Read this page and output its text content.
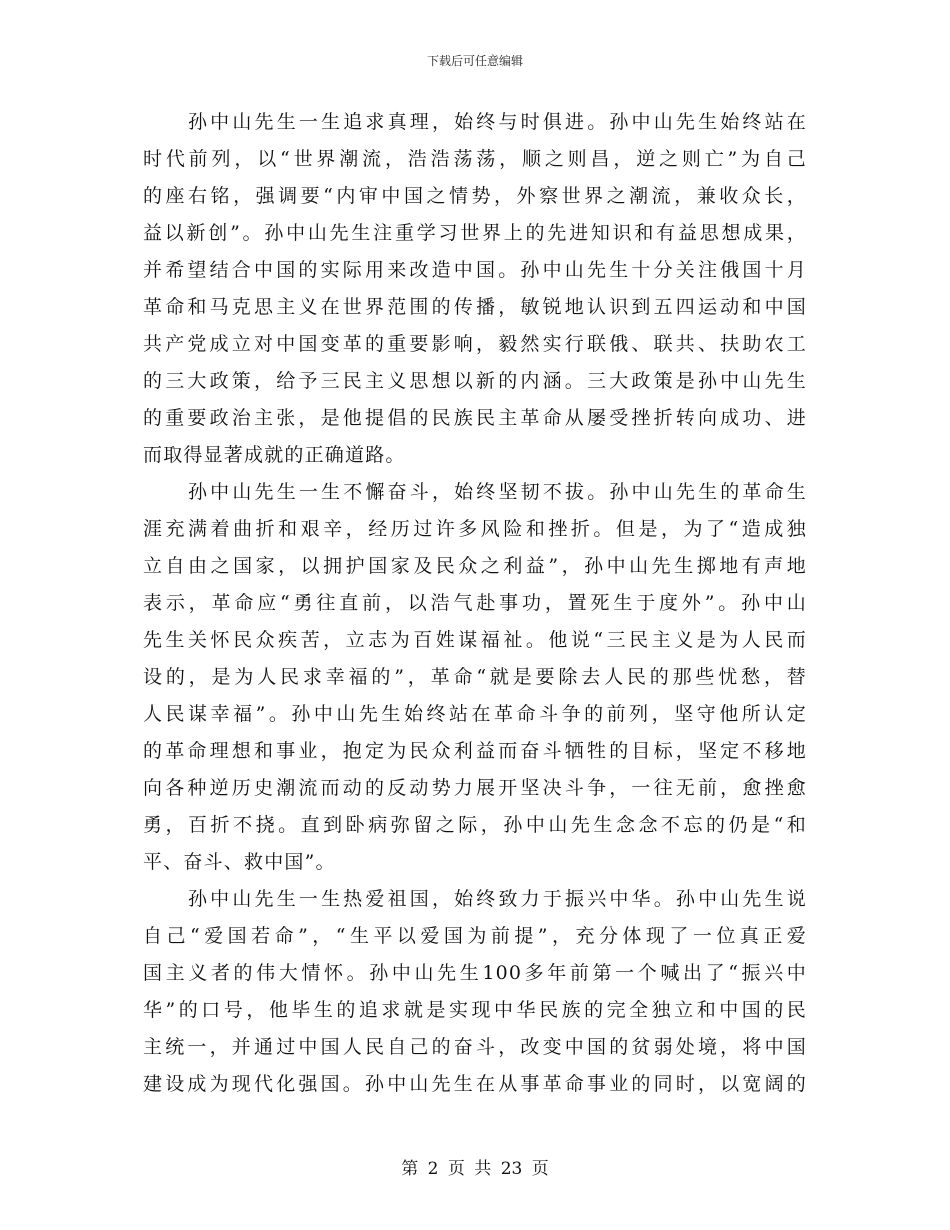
下载后可任意编辑
孙中山先生一生追求真理，始终与时俱进。孙中山先生始终站在
时代前列，以“世界潮流，浩浩荡荡，顺之则昌，逆之则亡”为自己
的座右铭，强调要“内审中国之情势，外察世界之潮流，兼收众长，
益以新创”。孙中山先生注重学习世界上的先进知识和有益思想成果，
并希望结合中国的实际用来改造中国。孙中山先生十分关注俄国十月
革命和马克思主义在世界范围的传播，敏锐地认识到五四运动和中国
共产党成立对中国变革的重要影响，毅然实行联俄、联共、扶助农工
的三大政策，给予三民主义思想以新的内涵。三大政策是孙中山先生
的重要政治主张，是他提倡的民族民主革命从屡受挫折转向成功、进
而取得显著成就的正确道路。
孙中山先生一生不懈奋斗，始终坚韧不拔。孙中山先生的革命生
涯充满着曲折和艰辛，经历过许多风险和挫折。但是，为了“造成独
立自由之国家，以拥护国家及民众之利益”，孙中山先生掷地有声地
表示，革命应“勇往直前，以浩气赴事功，置死生于度外”。孙中山
先生关怀民众疾苦，立志为百姓谋福祉。他说“三民主义是为人民而
设的，是为人民求幸福的”，革命“就是要除去人民的那些忧愁，替
人民谋幸福”。孙中山先生始终站在革命斗争的前列，坚守他所认定
的革命理想和事业，抱定为民众利益而奋斗牺牲的目标，坚定不移地
向各种逆历史潮流而动的反动势力展开坚决斗争，一往无前，愈挫愈
勇，百折不挠。直到卧病弥留之际，孙中山先生念念不忘的仍是“和
平、奋斗、救中国”。
孙中山先生一生热爱祖国，始终致力于振兴中华。孙中山先生说
自己“爱国若命”，“生平以爱国为前提”，充分体现了一位真正爱
国主义者的伟大情怀。孙中山先生100多年前第一个喊出了“振兴中
华”的口号，他毕生的追求就是实现中华民族的完全独立和中国的民
主统一，并通过中国人民自己的奋斗，改变中国的贫弱处境，将中国
建设成为现代化强国。孙中山先生在从事革命事业的同时，以宽阔的
第 2 页 共 23 页
